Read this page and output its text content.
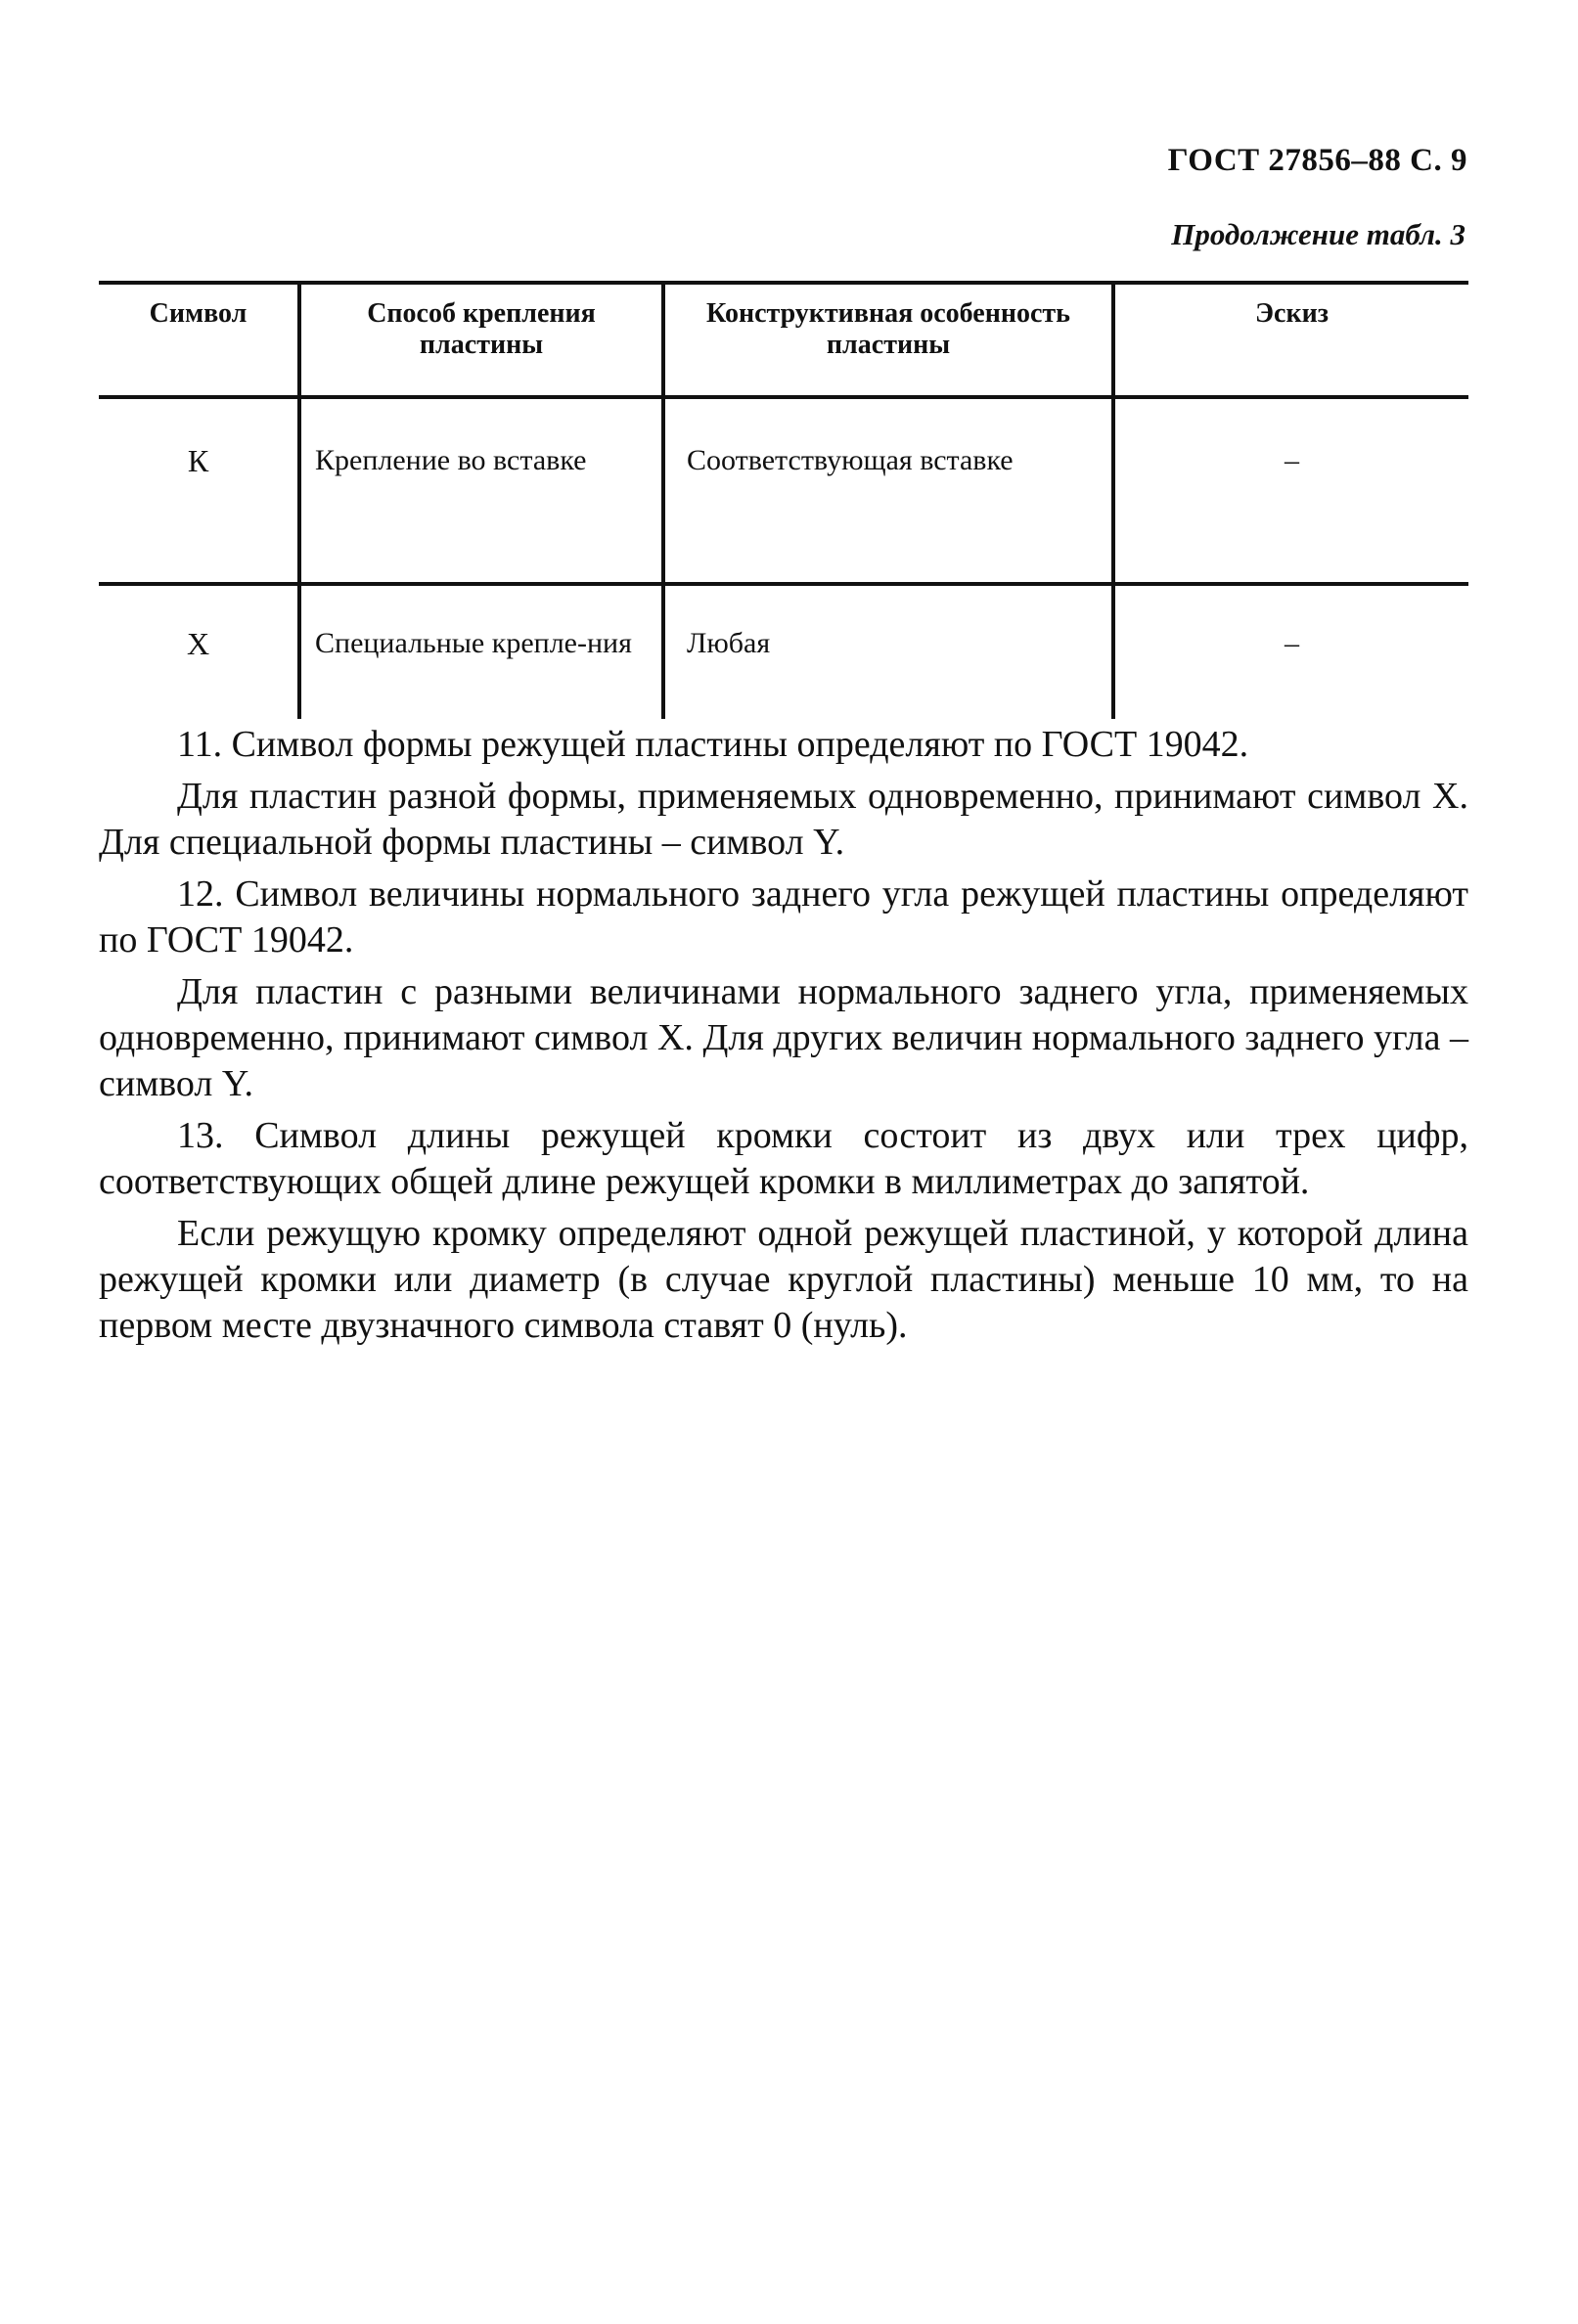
ГОСТ 27856–88 С. 9
Продолжение табл. 3
Символ	Способ крепления пластины	Конструктивная особенность пластины	Эскиз
К	Крепление во вставке	Соответствующая вставке	–
Х	Специальные крепле-ния	Любая	–

11. Символ формы режущей пластины определяют по ГОСТ 19042.

Для пластин разной формы, применяемых одновременно, принимают символ Х. Для специальной формы пластины – символ Y.

12. Символ величины нормального заднего угла режущей пластины определяют по ГОСТ 19042.

Для пластин с разными величинами нормального заднего угла, применяемых одновременно, принимают символ Х. Для других величин нормального заднего угла – символ Y.

13. Символ длины режущей кромки состоит из двух или трех цифр, соответствующих общей длине режущей кромки в миллиметрах до запятой.

Если режущую кромку определяют одной режущей пластиной, у которой длина режущей кромки или диаметр (в случае круглой пластины) меньше 10 мм, то на первом месте двузначного символа ставят 0 (нуль).
